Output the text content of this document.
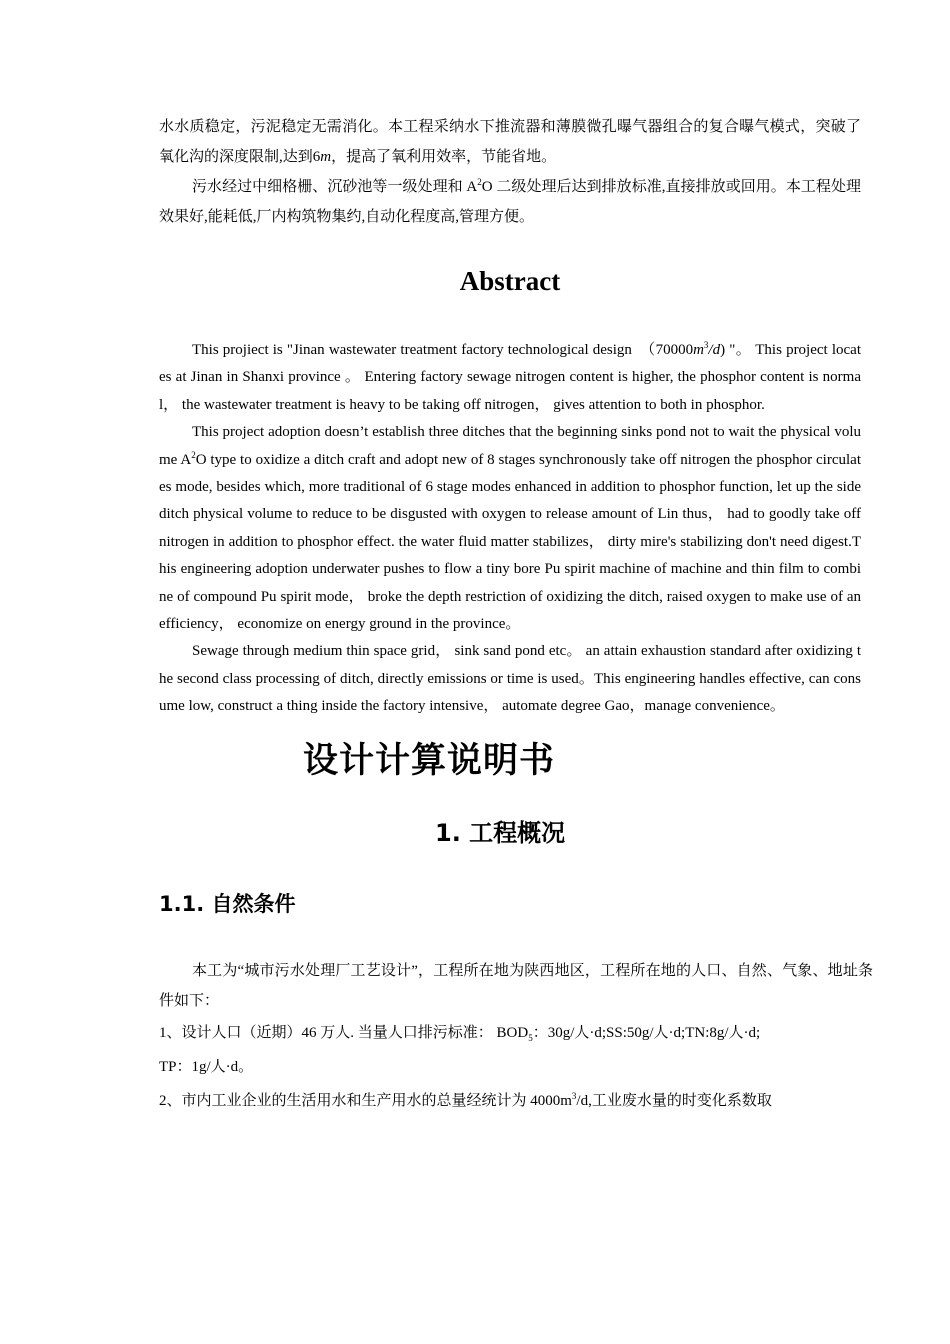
水水质稳定，污泥稳定无需消化。本工程采纳水下推流器和薄膜微孔曝气器组合的复合曝气模式，突破了氧化沟的深度限制,达到6m，提高了氧利用效率，节能省地。

污水经过中细格栅、沉砂池等一级处理和 $A^2O$ 二级处理后达到排放标准,直接排放或回用。本工程处理效果好,能耗低,厂内构筑物集约,自动化程度高,管理方便。

Abstract

This projiect is "Jinan wastewater treatment factory technological design　$(70000m^3/d)$ "。 This project locates at Jinan in Shanxi province 。 Entering factory sewage nitrogen content is higher, the phosphor content is normal， the wastewater treatment is heavy to be taking off nitrogen， gives attention to both in phosphor.

This project adoption doesn’t establish three ditches that the beginning sinks pond not to wait the physical volume $A^2O$ type to oxidize a ditch craft and adopt new of 8 stages synchronously take off nitrogen the phosphor circulates mode, besides which, more traditional of 6 stage modes enhanced in addition to phosphor function, let up the side ditch physical volume to reduce to be disgusted with oxygen to release amount of Lin thus， had to goodly take off nitrogen in addition to phosphor effect. the water fluid matter stabilizes， dirty mire's stabilizing don't need digest.This engineering adoption underwater pushes to flow a tiny bore Pu spirit machine of machine and thin film to combine of compound Pu spirit mode， broke the depth restriction of oxidizing the ditch, raised oxygen to make use of an efficiency， economize on energy ground in the province。

Sewage through medium thin space grid， sink sand pond etc。 an attain exhaustion standard after oxidizing the second class processing of ditch, directly emissions or time is used。This engineering handles effective, can consume low, construct a thing inside the factory intensive， automate degree Gao，manage convenience。

设计计算说明书
1. 工程概况
1.1. 自然条件

本工为“城市污水处理厂工艺设计”，工程所在地为陕西地区，工程所在地的人口、自然、气象、地址条件如下：

1、设计人口（近期）46 万人. 当量人口排污标准： $BOD_5$：30g/人·d;SS:50g/人·d;TN:8g/人·d;

TP：1g/人·d。

2、市内工业企业的生活用水和生产用水的总量经统计为 $4000m^3/d$,工业废水量的时变化系数取
